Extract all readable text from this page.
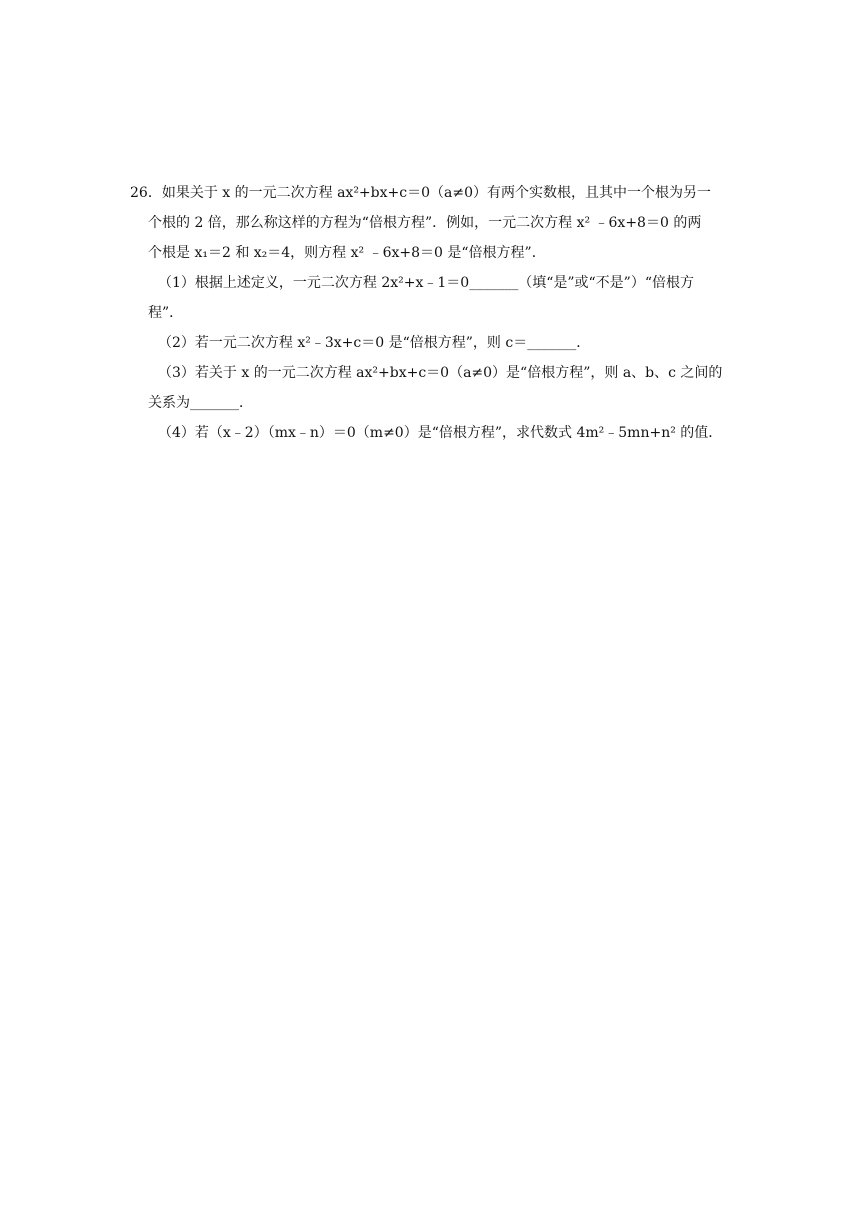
26．如果关于 x 的一元二次方程 ax²+bx+c＝0（a≠0）有两个实数根，且其中一个根为另一
个根的 2 倍，那么称这样的方程为“倍根方程”．例如，一元二次方程 x² ﹣6x+8＝0 的两
个根是 x₁＝2 和 x₂＝4，则方程 x² ﹣6x+8＝0 是“倍根方程”．
（1）根据上述定义，一元二次方程 2x²+x﹣1＝0_______（填“是”或“不是”）“倍根方
程”．
（2）若一元二次方程 x²﹣3x+c＝0 是“倍根方程”，则 c＝_______．
（3）若关于 x 的一元二次方程 ax²+bx+c＝0（a≠0）是“倍根方程”，则 a、b、c 之间的
关系为_______．
（4）若（x﹣2）（mx﹣n）＝0（m≠0）是“倍根方程”，求代数式 4m²﹣5mn+n² 的值．
